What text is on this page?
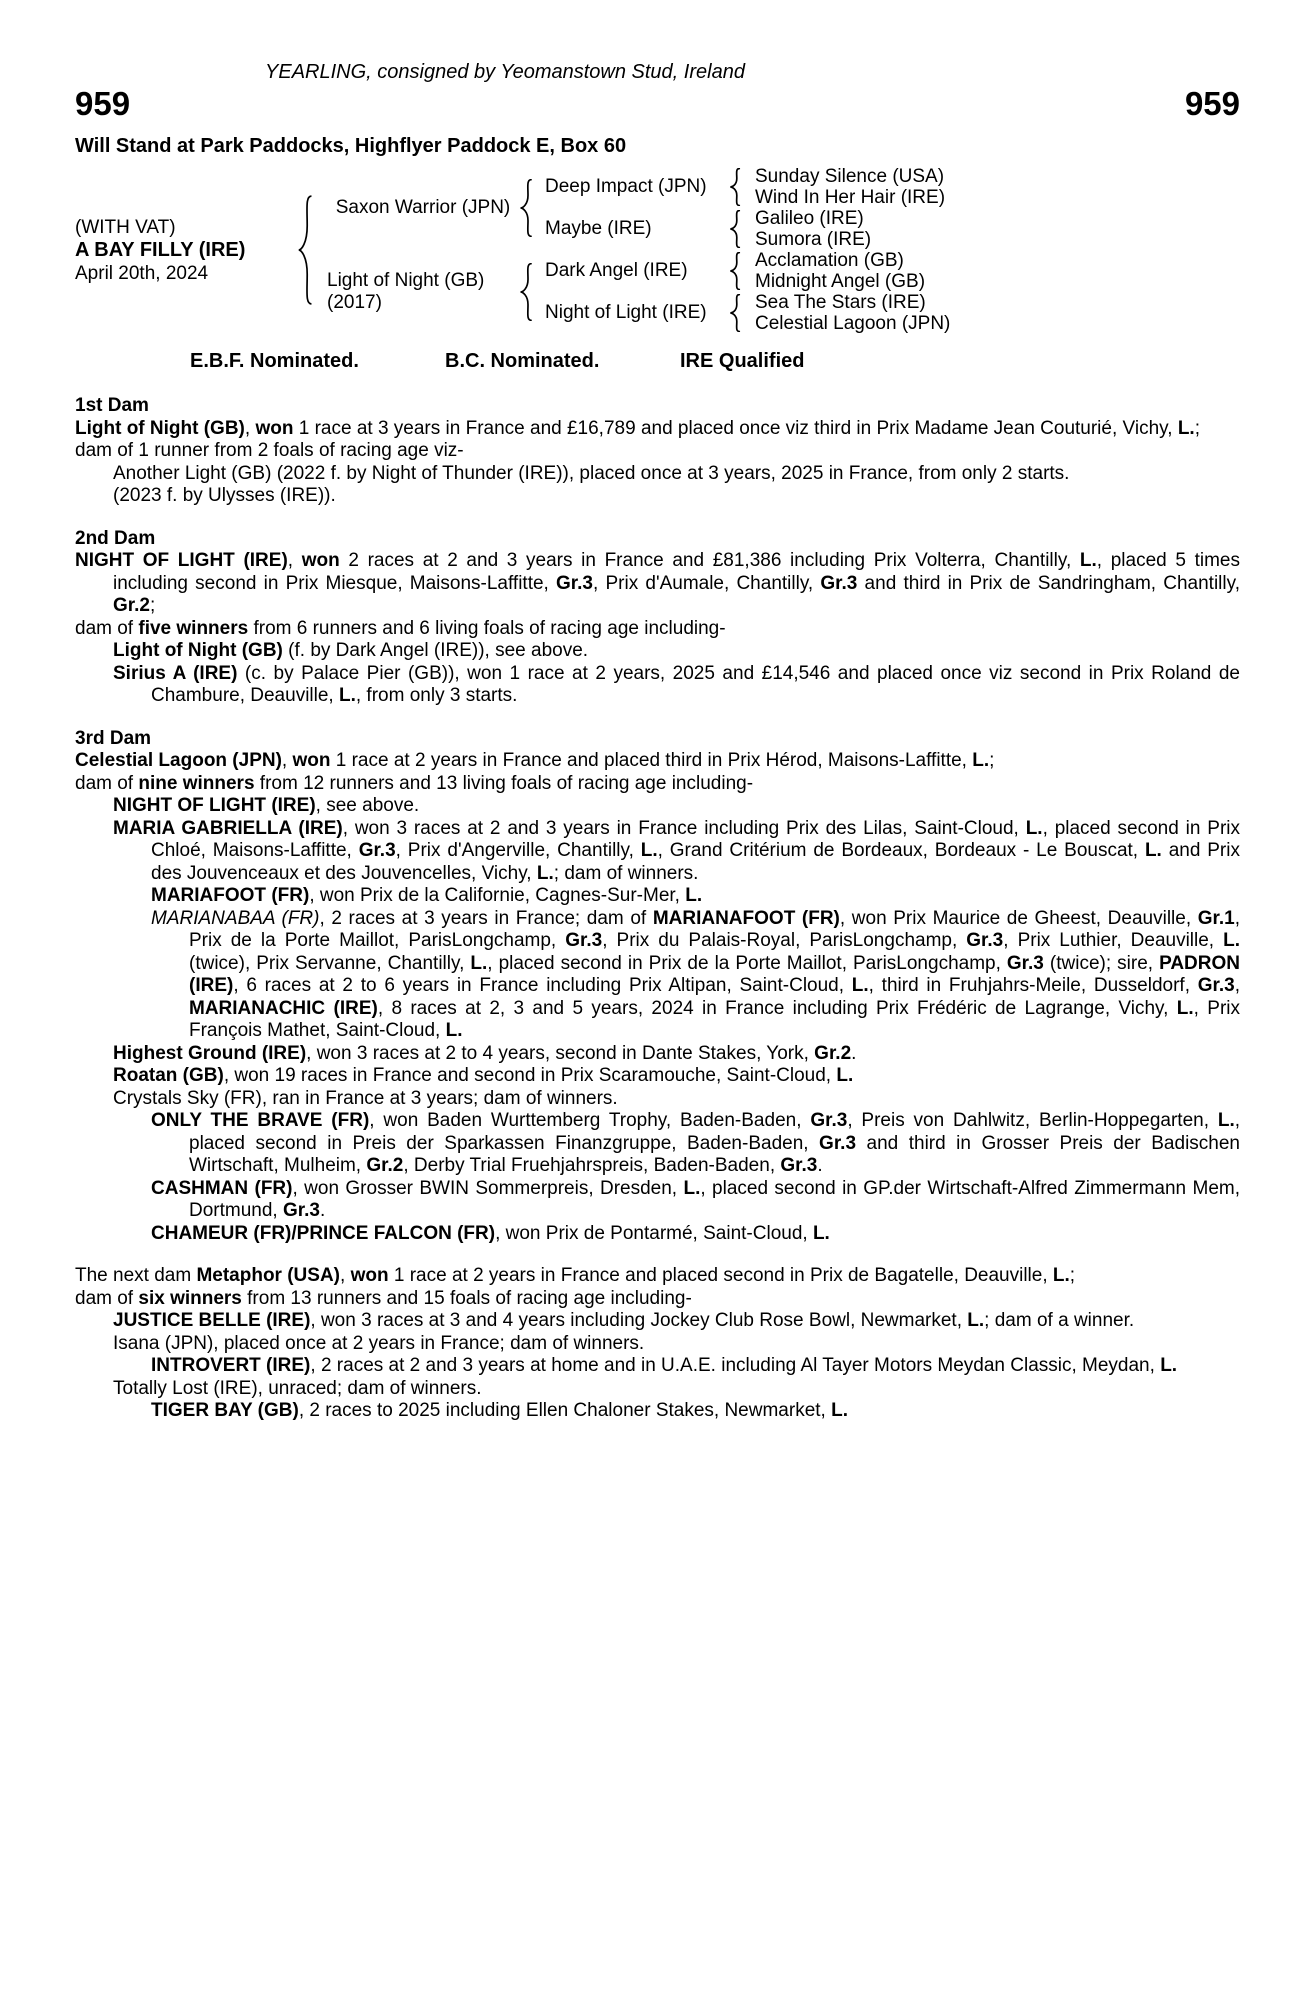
YEARLING, consigned by Yeomanstown Stud, Ireland
959	959
Will Stand at Park Paddocks, Highflyer Paddock E, Box 60
(WITH VAT)
A BAY FILLY (IRE)
April 20th, 2024
Saxon Warrior (JPN)
Light of Night (GB)
(2017)
Deep Impact (JPN)
Maybe (IRE)
Dark Angel (IRE)
Night of Light (IRE)
Sunday Silence (USA)
Wind In Her Hair (IRE)
Galileo (IRE)
Sumora (IRE)
Acclamation (GB)
Midnight Angel (GB)
Sea The Stars (IRE)
Celestial Lagoon (JPN)
E.B.F. Nominated.	B.C. Nominated.	IRE Qualified
1st Dam
Light of Night (GB), won 1 race at 3 years in France and £16,789 and placed once viz third in Prix Madame Jean Couturié, Vichy, L.;
dam of 1 runner from 2 foals of racing age viz-
Another Light (GB) (2022 f. by Night of Thunder (IRE)), placed once at 3 years, 2025 in France, from only 2 starts.
(2023 f. by Ulysses (IRE)).
2nd Dam
NIGHT OF LIGHT (IRE), won 2 races at 2 and 3 years in France and £81,386 including Prix Volterra, Chantilly, L., placed 5 times including second in Prix Miesque, Maisons-Laffitte, Gr.3, Prix d'Aumale, Chantilly, Gr.3 and third in Prix de Sandringham, Chantilly, Gr.2;
dam of five winners from 6 runners and 6 living foals of racing age including-
Light of Night (GB) (f. by Dark Angel (IRE)), see above.
Sirius A (IRE) (c. by Palace Pier (GB)), won 1 race at 2 years, 2025 and £14,546 and placed once viz second in Prix Roland de Chambure, Deauville, L., from only 3 starts.
3rd Dam
Celestial Lagoon (JPN), won 1 race at 2 years in France and placed third in Prix Hérod, Maisons-Laffitte, L.;
dam of nine winners from 12 runners and 13 living foals of racing age including-
NIGHT OF LIGHT (IRE), see above.
MARIA GABRIELLA (IRE), won 3 races at 2 and 3 years in France including Prix des Lilas, Saint-Cloud, L., placed second in Prix Chloé, Maisons-Laffitte, Gr.3, Prix d'Angerville, Chantilly, L., Grand Critérium de Bordeaux, Bordeaux - Le Bouscat, L. and Prix des Jouvenceaux et des Jouvencelles, Vichy, L.; dam of winners.
MARIAFOOT (FR), won Prix de la Californie, Cagnes-Sur-Mer, L.
MARIANABAA (FR), 2 races at 3 years in France; dam of MARIANAFOOT (FR), won Prix Maurice de Gheest, Deauville, Gr.1, Prix de la Porte Maillot, ParisLongchamp, Gr.3, Prix du Palais-Royal, ParisLongchamp, Gr.3, Prix Luthier, Deauville, L. (twice), Prix Servanne, Chantilly, L., placed second in Prix de la Porte Maillot, ParisLongchamp, Gr.3 (twice); sire, PADRON (IRE), 6 races at 2 to 6 years in France including Prix Altipan, Saint-Cloud, L., third in Fruhjahrs-Meile, Dusseldorf, Gr.3, MARIANACHIC (IRE), 8 races at 2, 3 and 5 years, 2024 in France including Prix Frédéric de Lagrange, Vichy, L., Prix François Mathet, Saint-Cloud, L.
Highest Ground (IRE), won 3 races at 2 to 4 years, second in Dante Stakes, York, Gr.2.
Roatan (GB), won 19 races in France and second in Prix Scaramouche, Saint-Cloud, L.
Crystals Sky (FR), ran in France at 3 years; dam of winners.
ONLY THE BRAVE (FR), won Baden Wurttemberg Trophy, Baden-Baden, Gr.3, Preis von Dahlwitz, Berlin-Hoppegarten, L., placed second in Preis der Sparkassen Finanzgruppe, Baden-Baden, Gr.3 and third in Grosser Preis der Badischen Wirtschaft, Mulheim, Gr.2, Derby Trial Fruehjahrspreis, Baden-Baden, Gr.3.
CASHMAN (FR), won Grosser BWIN Sommerpreis, Dresden, L., placed second in GP.der Wirtschaft-Alfred Zimmermann Mem, Dortmund, Gr.3.
CHAMEUR (FR)/PRINCE FALCON (FR), won Prix de Pontarmé, Saint-Cloud, L.
The next dam Metaphor (USA), won 1 race at 2 years in France and placed second in Prix de Bagatelle, Deauville, L.;
dam of six winners from 13 runners and 15 foals of racing age including-
JUSTICE BELLE (IRE), won 3 races at 3 and 4 years including Jockey Club Rose Bowl, Newmarket, L.; dam of a winner.
Isana (JPN), placed once at 2 years in France; dam of winners.
INTROVERT (IRE), 2 races at 2 and 3 years at home and in U.A.E. including Al Tayer Motors Meydan Classic, Meydan, L.
Totally Lost (IRE), unraced; dam of winners.
TIGER BAY (GB), 2 races to 2025 including Ellen Chaloner Stakes, Newmarket, L.
